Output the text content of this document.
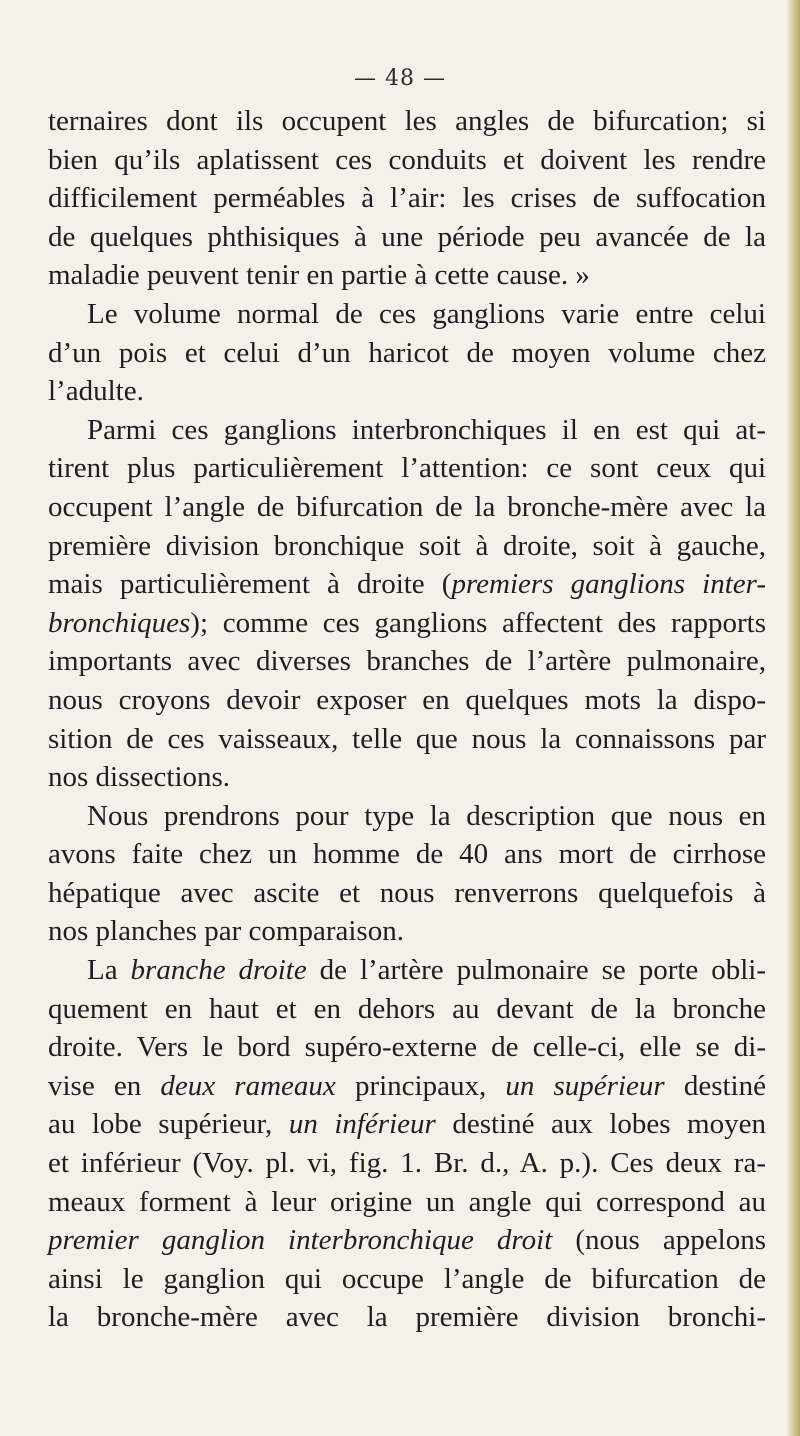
— 48 —
ternaires dont ils occupent les angles de bifurcation; si
bien qu’ils aplatissent ces conduits et doivent les rendre
difficilement perméables à l’air: les crises de suffocation
de quelques phthisiques à une période peu avancée de la
maladie peuvent tenir en partie à cette cause. »
Le volume normal de ces ganglions varie entre celui
d’un pois et celui d’un haricot de moyen volume chez
l’adulte.
Parmi ces ganglions interbronchiques il en est qui at-
tirent plus particulièrement l’attention: ce sont ceux qui
occupent l’angle de bifurcation de la bronche-mère avec la
première division bronchique soit à droite, soit à gauche,
mais particulièrement à droite (premiers ganglions inter-
bronchiques); comme ces ganglions affectent des rapports
importants avec diverses branches de l’artère pulmonaire,
nous croyons devoir exposer en quelques mots la dispo-
sition de ces vaisseaux, telle que nous la connaissons par
nos dissections.
Nous prendrons pour type la description que nous en
avons faite chez un homme de 40 ans mort de cirrhose
hépatique avec ascite et nous renverrons quelquefois à
nos planches par comparaison.
La branche droite de l’artère pulmonaire se porte obli-
quement en haut et en dehors au devant de la bronche
droite. Vers le bord supéro-externe de celle-ci, elle se di-
vise en deux rameaux principaux, un supérieur destiné
au lobe supérieur, un inférieur destiné aux lobes moyen
et inférieur (Voy. pl. vi, fig. 1. Br. d., A. p.). Ces deux ra-
meaux forment à leur origine un angle qui correspond au
premier ganglion interbronchique droit (nous appelons
ainsi le ganglion qui occupe l’angle de bifurcation de
la bronche-mère avec la première division bronchi-
